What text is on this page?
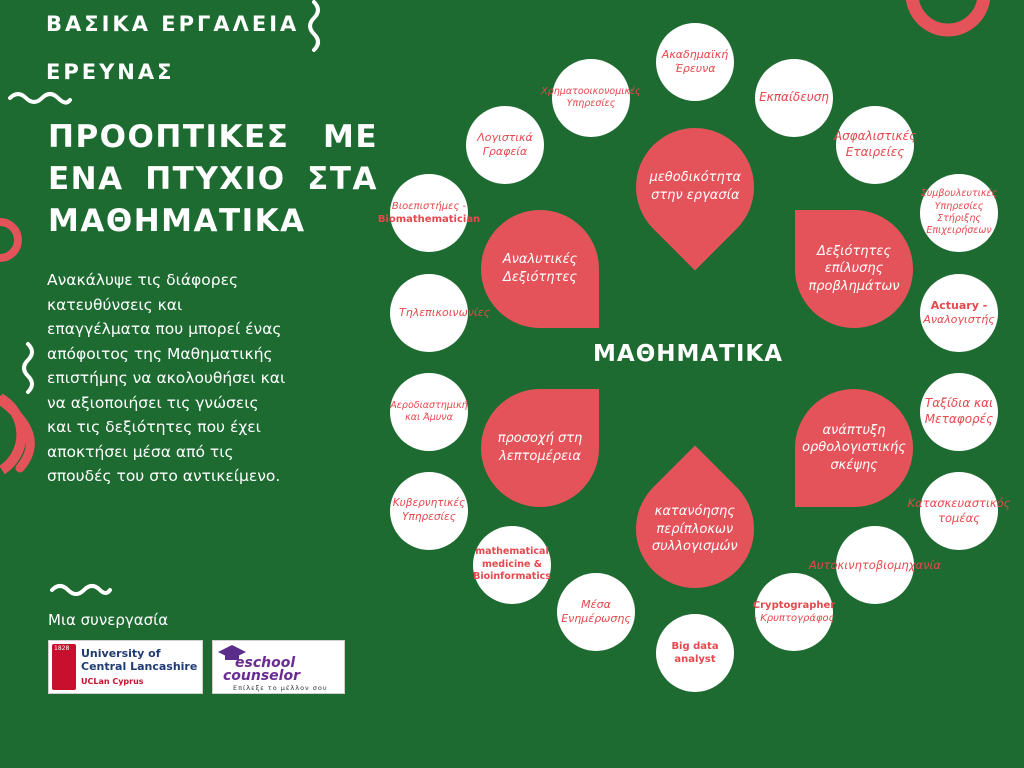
ΒΑΣΙΚΑ ΕΡΓΑΛΕΙΑ
ΕΡΕΥΝΑΣ
ΠΡΟΟΠΤΙΚΕΣ ΜΕ ΕΝΑ ΠΤΥΧΙΟ ΣΤΑ ΜΑΘΗΜΑΤΙΚΑ
Ανακάλυψε τις διάφορες κατευθύνσεις και επαγγέλματα που μπορεί ένας απόφοιτος της Μαθηματικής επιστήμης να ακολουθήσει και να αξιοποιήσει τις γνώσεις και τις δεξιότητες που έχει αποκτήσει μέσα από τις σπουδές του στο αντικείμενο.
Μια συνεργασία
1828 University of
Central Lancashire
UCLan Cyprus
eschool
counselor
Επίλεξε το μέλλον σου
ΜΑΘΗΜΑΤΙΚΑ
μεθοδικότητα στην εργασία
Δεξιότητες επίλυσης προβλημάτων
ανάπτυξη ορθολογιστικής σκέψης
κατανόησης περίπλοκων συλλογισμών
προσοχή στη λεπτομέρεια
Αναλυτικές Δεξιότητες
Ακαδημαϊκή Έρευνα
Εκπαίδευση
Ασφαλιστικές Εταιρείες
Συμβουλευτικές Υπηρεσίες Στήριξης Επιχειρήσεων
Actuary -
Αναλογιστής
Ταξίδια και Μεταφορές
Κατασκευαστικός τομέας
Αυτοκινητοβιομηχανία
Cryptographer
- Κρυπτογράφος
Big data analyst
Μέσα Ενημέρωσης
mathematical medicine & Bioinformatics
Κυβερνητικές Υπηρεσίες
Αεροδιαστημική και Άμυνα
Τηλεπικοινωνίες
Βιοεπιστήμες -
Biomathematician
Λογιστικά Γραφεία
Χρηματοοικονομικές Υπηρεσίες
